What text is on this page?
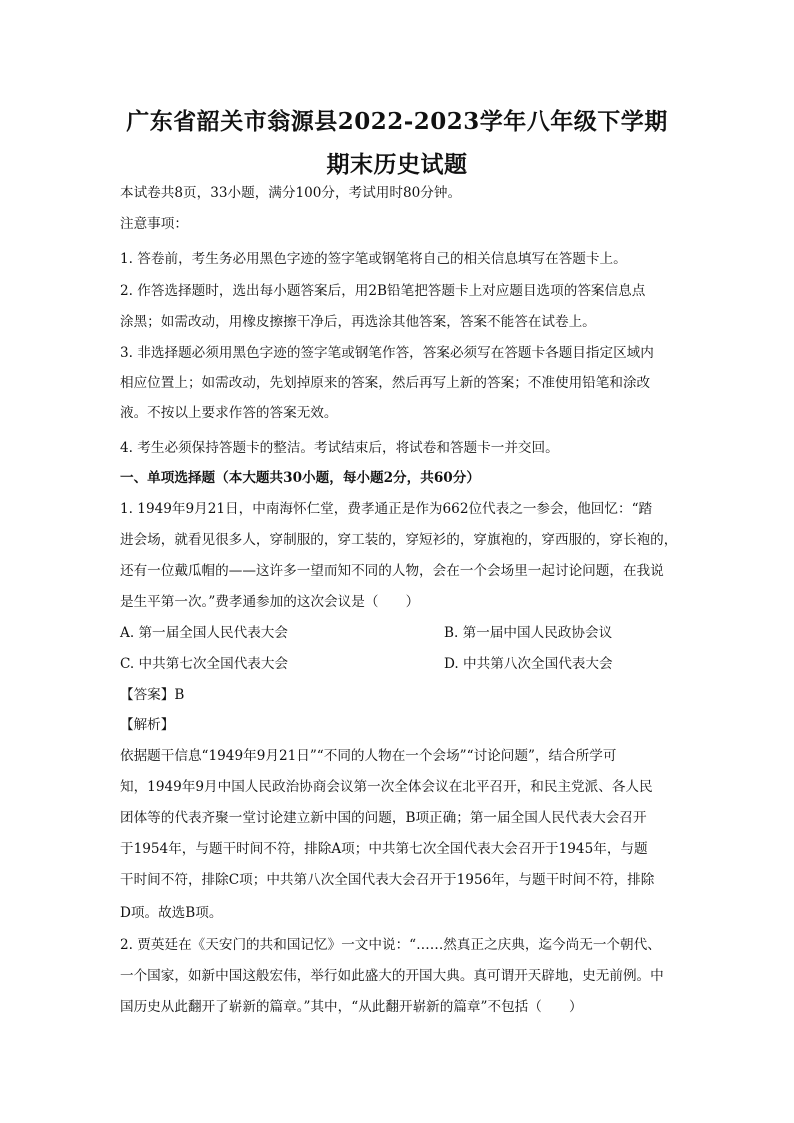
广东省韶关市翁源县2022-2023学年八年级下学期
期末历史试题

本试卷共8页，33小题，满分100分，考试用时80分钟。

注意事项：

1. 答卷前，考生务必用黑色字迹的签字笔或钢笔将自己的相关信息填写在答题卡上。

2. 作答选择题时，选出每小题答案后，用2B铅笔把答题卡上对应题目选项的答案信息点

涂黑；如需改动，用橡皮擦擦干净后，再选涂其他答案，答案不能答在试卷上。

3. 非选择题必须用黑色字迹的签字笔或钢笔作答，答案必须写在答题卡各题目指定区域内

相应位置上；如需改动，先划掉原来的答案，然后再写上新的答案；不准使用铅笔和涂改

液。不按以上要求作答的答案无效。

4. 考生必须保持答题卡的整洁。考试结束后，将试卷和答题卡一并交回。

一、单项选择题（本大题共30小题，每小题2分，共60分）

1. 1949年9月21日，中南海怀仁堂，费孝通正是作为662位代表之一参会，他回忆：“踏

进会场，就看见很多人，穿制服的，穿工装的，穿短衫的，穿旗袍的，穿西服的，穿长袍的，

还有一位戴瓜帽的——这许多一望而知不同的人物，会在一个会场里一起讨论问题，在我说

是生平第一次。”费孝通参加的这次会议是（　　）

A. 第一届全国人民代表大会	B. 第一届中国人民政协会议
C. 中共第七次全国代表大会	D. 中共第八次全国代表大会

【答案】B

【解析】

依据题干信息“1949年9月21日”“不同的人物在一个会场”“讨论问题”，结合所学可

知，1949年9月中国人民政治协商会议第一次全体会议在北平召开，和民主党派、各人民

团体等的代表齐聚一堂讨论建立新中国的问题，B项正确；第一届全国人民代表大会召开

于1954年，与题干时间不符，排除A项；中共第七次全国代表大会召开于1945年，与题

干时间不符，排除C项；中共第八次全国代表大会召开于1956年，与题干时间不符，排除

D项。故选B项。

2. 贾英廷在《天安门的共和国记忆》一文中说：“……然真正之庆典，迄今尚无一个朝代、

一个国家，如新中国这般宏伟，举行如此盛大的开国大典。真可谓开天辟地，史无前例。中

国历史从此翻开了崭新的篇章。”其中，“从此翻开崭新的篇章”不包括（　　）
